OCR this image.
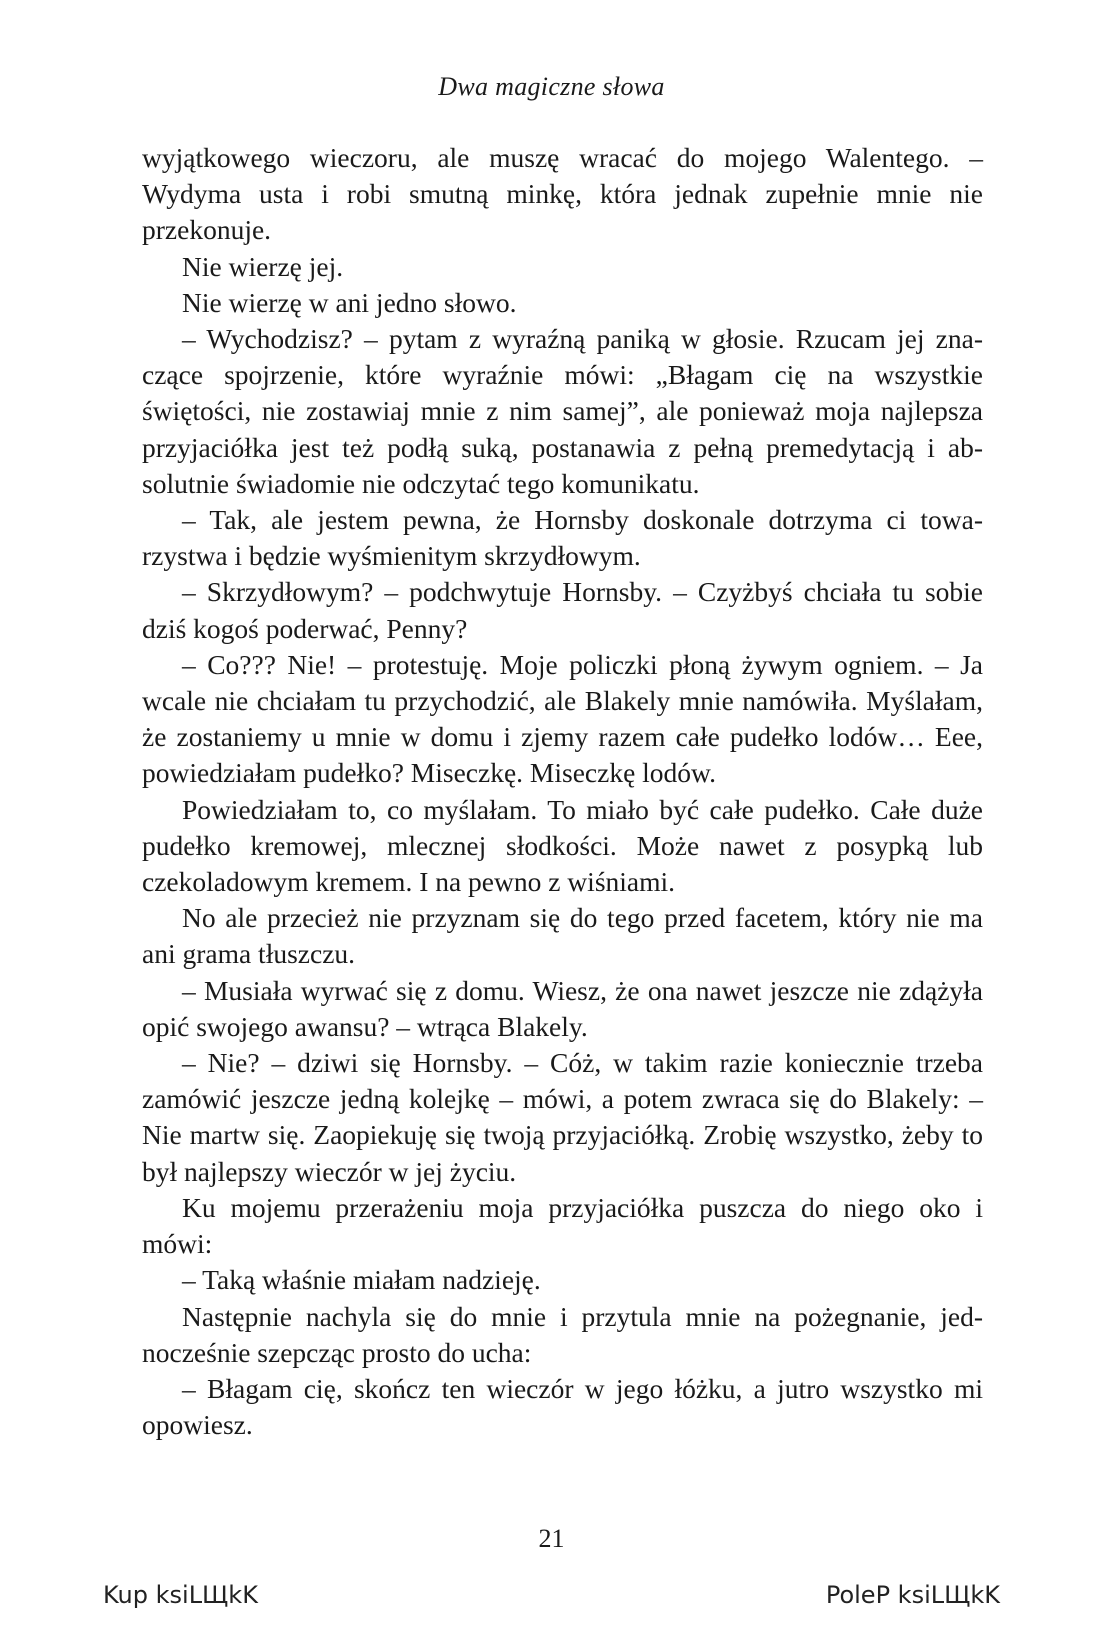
Dwa magiczne słowa

wyjątkowego wieczoru, ale muszę wracać do mojego Walentego. – Wydyma usta i robi smutną minkę, która jednak zupełnie mnie nie przekonuje.

Nie wierzę jej.

Nie wierzę w ani jedno słowo.

– Wychodzisz? – pytam z wyraźną paniką w głosie. Rzucam jej znaczące spojrzenie, które wyraźnie mówi: „Błagam cię na wszystkie świętości, nie zostawiaj mnie z nim samej”, ale ponieważ moja najlepsza przyjaciółka jest też podłą suką, postanawia z pełną premedytacją i absolutnie świadomie nie odczytać tego komunikatu.

– Tak, ale jestem pewna, że Hornsby doskonale dotrzyma ci towarzystwa i będzie wyśmienitym skrzydłowym.

– Skrzydłowym? – podchwytuje Hornsby. – Czyżbyś chciała tu sobie dziś kogoś poderwać, Penny?

– Co??? Nie! – protestuję. Moje policzki płoną żywym ogniem. – Ja wcale nie chciałam tu przychodzić, ale Blakely mnie namówiła. Myślałam, że zostaniemy u mnie w domu i zjemy razem całe pudełko lodów… Eee, powiedziałam pudełko? Miseczkę. Miseczkę lodów.

Powiedziałam to, co myślałam. To miało być całe pudełko. Całe duże pudełko kremowej, mlecznej słodkości. Może nawet z posypką lub czekoladowym kremem. I na pewno z wiśniami.

No ale przecież nie przyznam się do tego przed facetem, który nie ma ani grama tłuszczu.

– Musiała wyrwać się z domu. Wiesz, że ona nawet jeszcze nie zdążyła opić swojego awansu? – wtrąca Blakely.

– Nie? – dziwi się Hornsby. – Cóż, w takim razie koniecznie trzeba zamówić jeszcze jedną kolejkę – mówi, a potem zwraca się do Blakely: – Nie martw się. Zaopiekuję się twoją przyjaciółką. Zrobię wszystko, żeby to był najlepszy wieczór w jej życiu.

Ku mojemu przerażeniu moja przyjaciółka puszcza do niego oko i mówi:

– Taką właśnie miałam nadzieję.

Następnie nachyla się do mnie i przytula mnie na pożegnanie, jednocześnie szepcząc prosto do ucha:

– Błagam cię, skończ ten wieczór w jego łóżku, a jutro wszystko mi opowiesz.

21
Kup ksiLЩkK	PoleP ksiLЩkK
